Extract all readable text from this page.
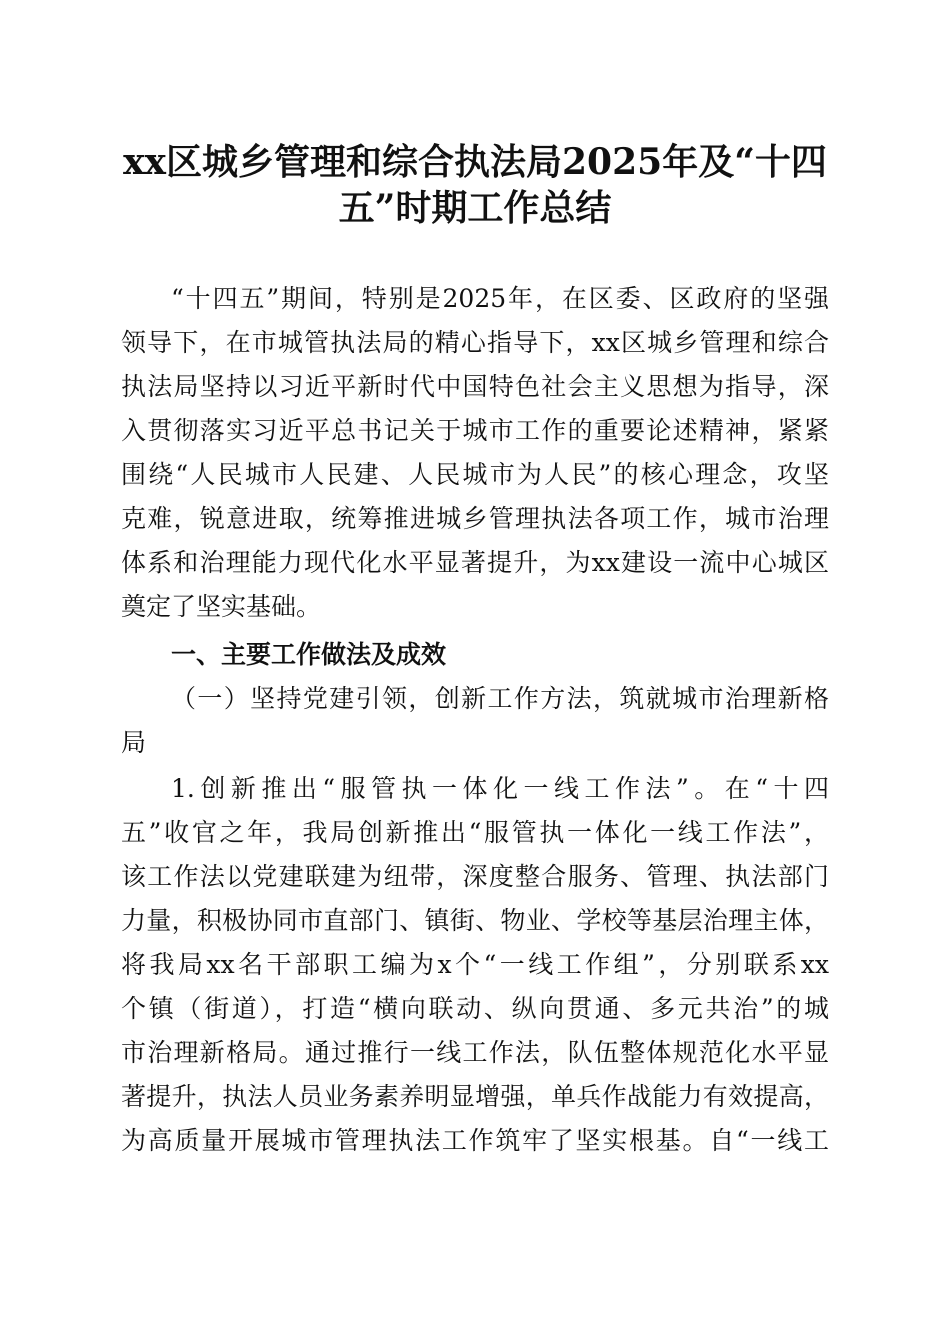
xx区城乡管理和综合执法局2025年及“十四
五”时期工作总结
“十四五”期间，特别是2025年，在区委、区政府的坚强
领导下，在市城管执法局的精心指导下，xx区城乡管理和综合
执法局坚持以习近平新时代中国特色社会主义思想为指导，深
入贯彻落实习近平总书记关于城市工作的重要论述精神，紧紧
围绕“人民城市人民建、人民城市为人民”的核心理念，攻坚
克难，锐意进取，统筹推进城乡管理执法各项工作，城市治理
体系和治理能力现代化水平显著提升，为xx建设一流中心城区
奠定了坚实基础。
一、主要工作做法及成效
（一）坚持党建引领，创新工作方法，筑就城市治理新格
局
1.创新推出“服管执一体化一线工作法”。在“十四
五”收官之年，我局创新推出“服管执一体化一线工作法”，
该工作法以党建联建为纽带，深度整合服务、管理、执法部门
力量，积极协同市直部门、镇街、物业、学校等基层治理主体，
将我局xx名干部职工编为x个“一线工作组”，分别联系xx
个镇（街道），打造“横向联动、纵向贯通、多元共治”的城
市治理新格局。通过推行一线工作法，队伍整体规范化水平显
著提升，执法人员业务素养明显增强，单兵作战能力有效提高，
为高质量开展城市管理执法工作筑牢了坚实根基。自“一线工
